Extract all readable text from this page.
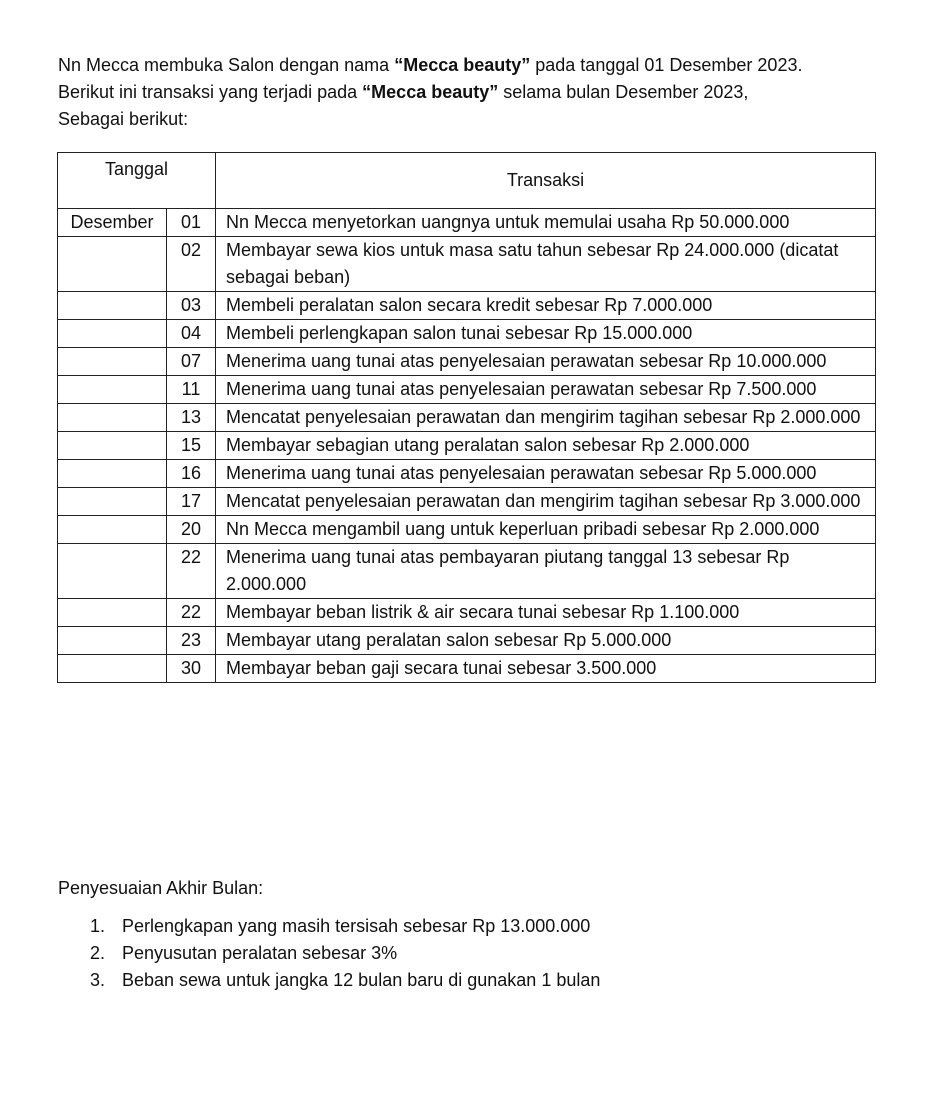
Nn Mecca membuka Salon dengan nama “Mecca beauty” pada tanggal 01 Desember 2023.

Berikut ini transaksi yang terjadi pada “Mecca beauty” selama bulan Desember 2023,

Sebagai berikut:

Tanggal		Transaksi
Desember	01	Nn Mecca menyetorkan uangnya untuk memulai usaha Rp 50.000.000
	02	Membayar sewa kios untuk masa satu tahun sebesar Rp 24.000.000 (dicatat sebagai beban)
	03	Membeli peralatan salon secara kredit sebesar Rp 7.000.000
	04	Membeli perlengkapan salon tunai sebesar Rp 15.000.000
	07	Menerima uang tunai atas penyelesaian perawatan sebesar Rp 10.000.000
	11	Menerima uang tunai atas penyelesaian perawatan sebesar Rp 7.500.000
	13	Mencatat penyelesaian perawatan dan mengirim tagihan sebesar Rp 2.000.000
	15	Membayar sebagian utang peralatan salon sebesar Rp 2.000.000
	16	Menerima uang tunai atas penyelesaian perawatan sebesar Rp 5.000.000
	17	Mencatat penyelesaian perawatan dan mengirim tagihan sebesar Rp 3.000.000
	20	Nn Mecca mengambil uang untuk keperluan pribadi sebesar Rp 2.000.000
	22	Menerima uang tunai atas pembayaran piutang tanggal 13 sebesar Rp 2.000.000
	22	Membayar beban listrik & air secara tunai sebesar Rp 1.100.000
	23	Membayar utang peralatan salon sebesar Rp 5.000.000
	30	Membayar beban gaji secara tunai sebesar 3.500.000

Penyesuaian Akhir Bulan:

1. Perlengkapan yang masih tersisah sebesar Rp 13.000.000
2. Penyusutan peralatan sebesar 3%
3. Beban sewa untuk jangka 12 bulan baru di gunakan 1 bulan
